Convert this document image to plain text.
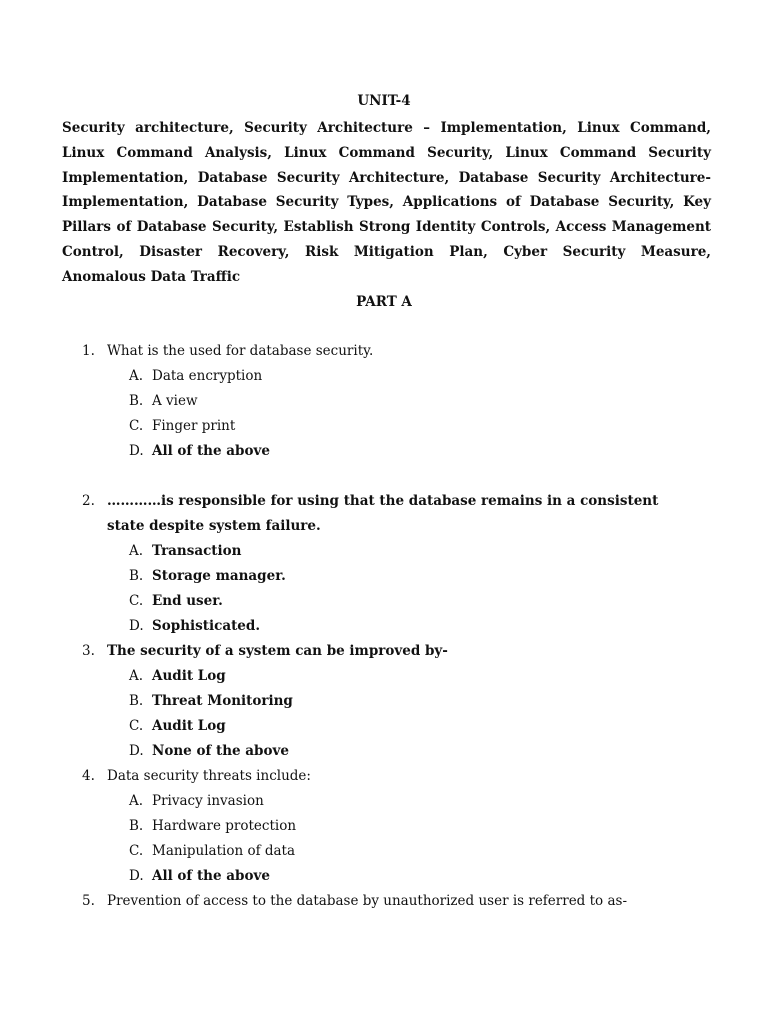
UNIT-4
Security architecture, Security Architecture – Implementation, Linux Command, Linux Command Analysis, Linux Command Security, Linux Command Security Implementation, Database Security Architecture, Database Security Architecture- Implementation, Database Security Types, Applications of Database Security, Key Pillars of Database Security, Establish Strong Identity Controls, Access Management Control, Disaster Recovery, Risk Mitigation Plan, Cyber Security Measure, Anomalous Data Traffic
PART A
1. What is the used for database security.
A. Data encryption
B. A view
C. Finger print
D. All of the above
2. …………is responsible for using that the database remains in a consistent state despite system failure.
A. Transaction
B. Storage manager.
C. End user.
D. Sophisticated.
3. The security of a system can be improved by-
A. Audit Log
B. Threat Monitoring
C. Audit Log
D. None of the above
4. Data security threats include:
A. Privacy invasion
B. Hardware protection
C. Manipulation of data
D. All of the above
5. Prevention of access to the database by unauthorized user is referred to as-
